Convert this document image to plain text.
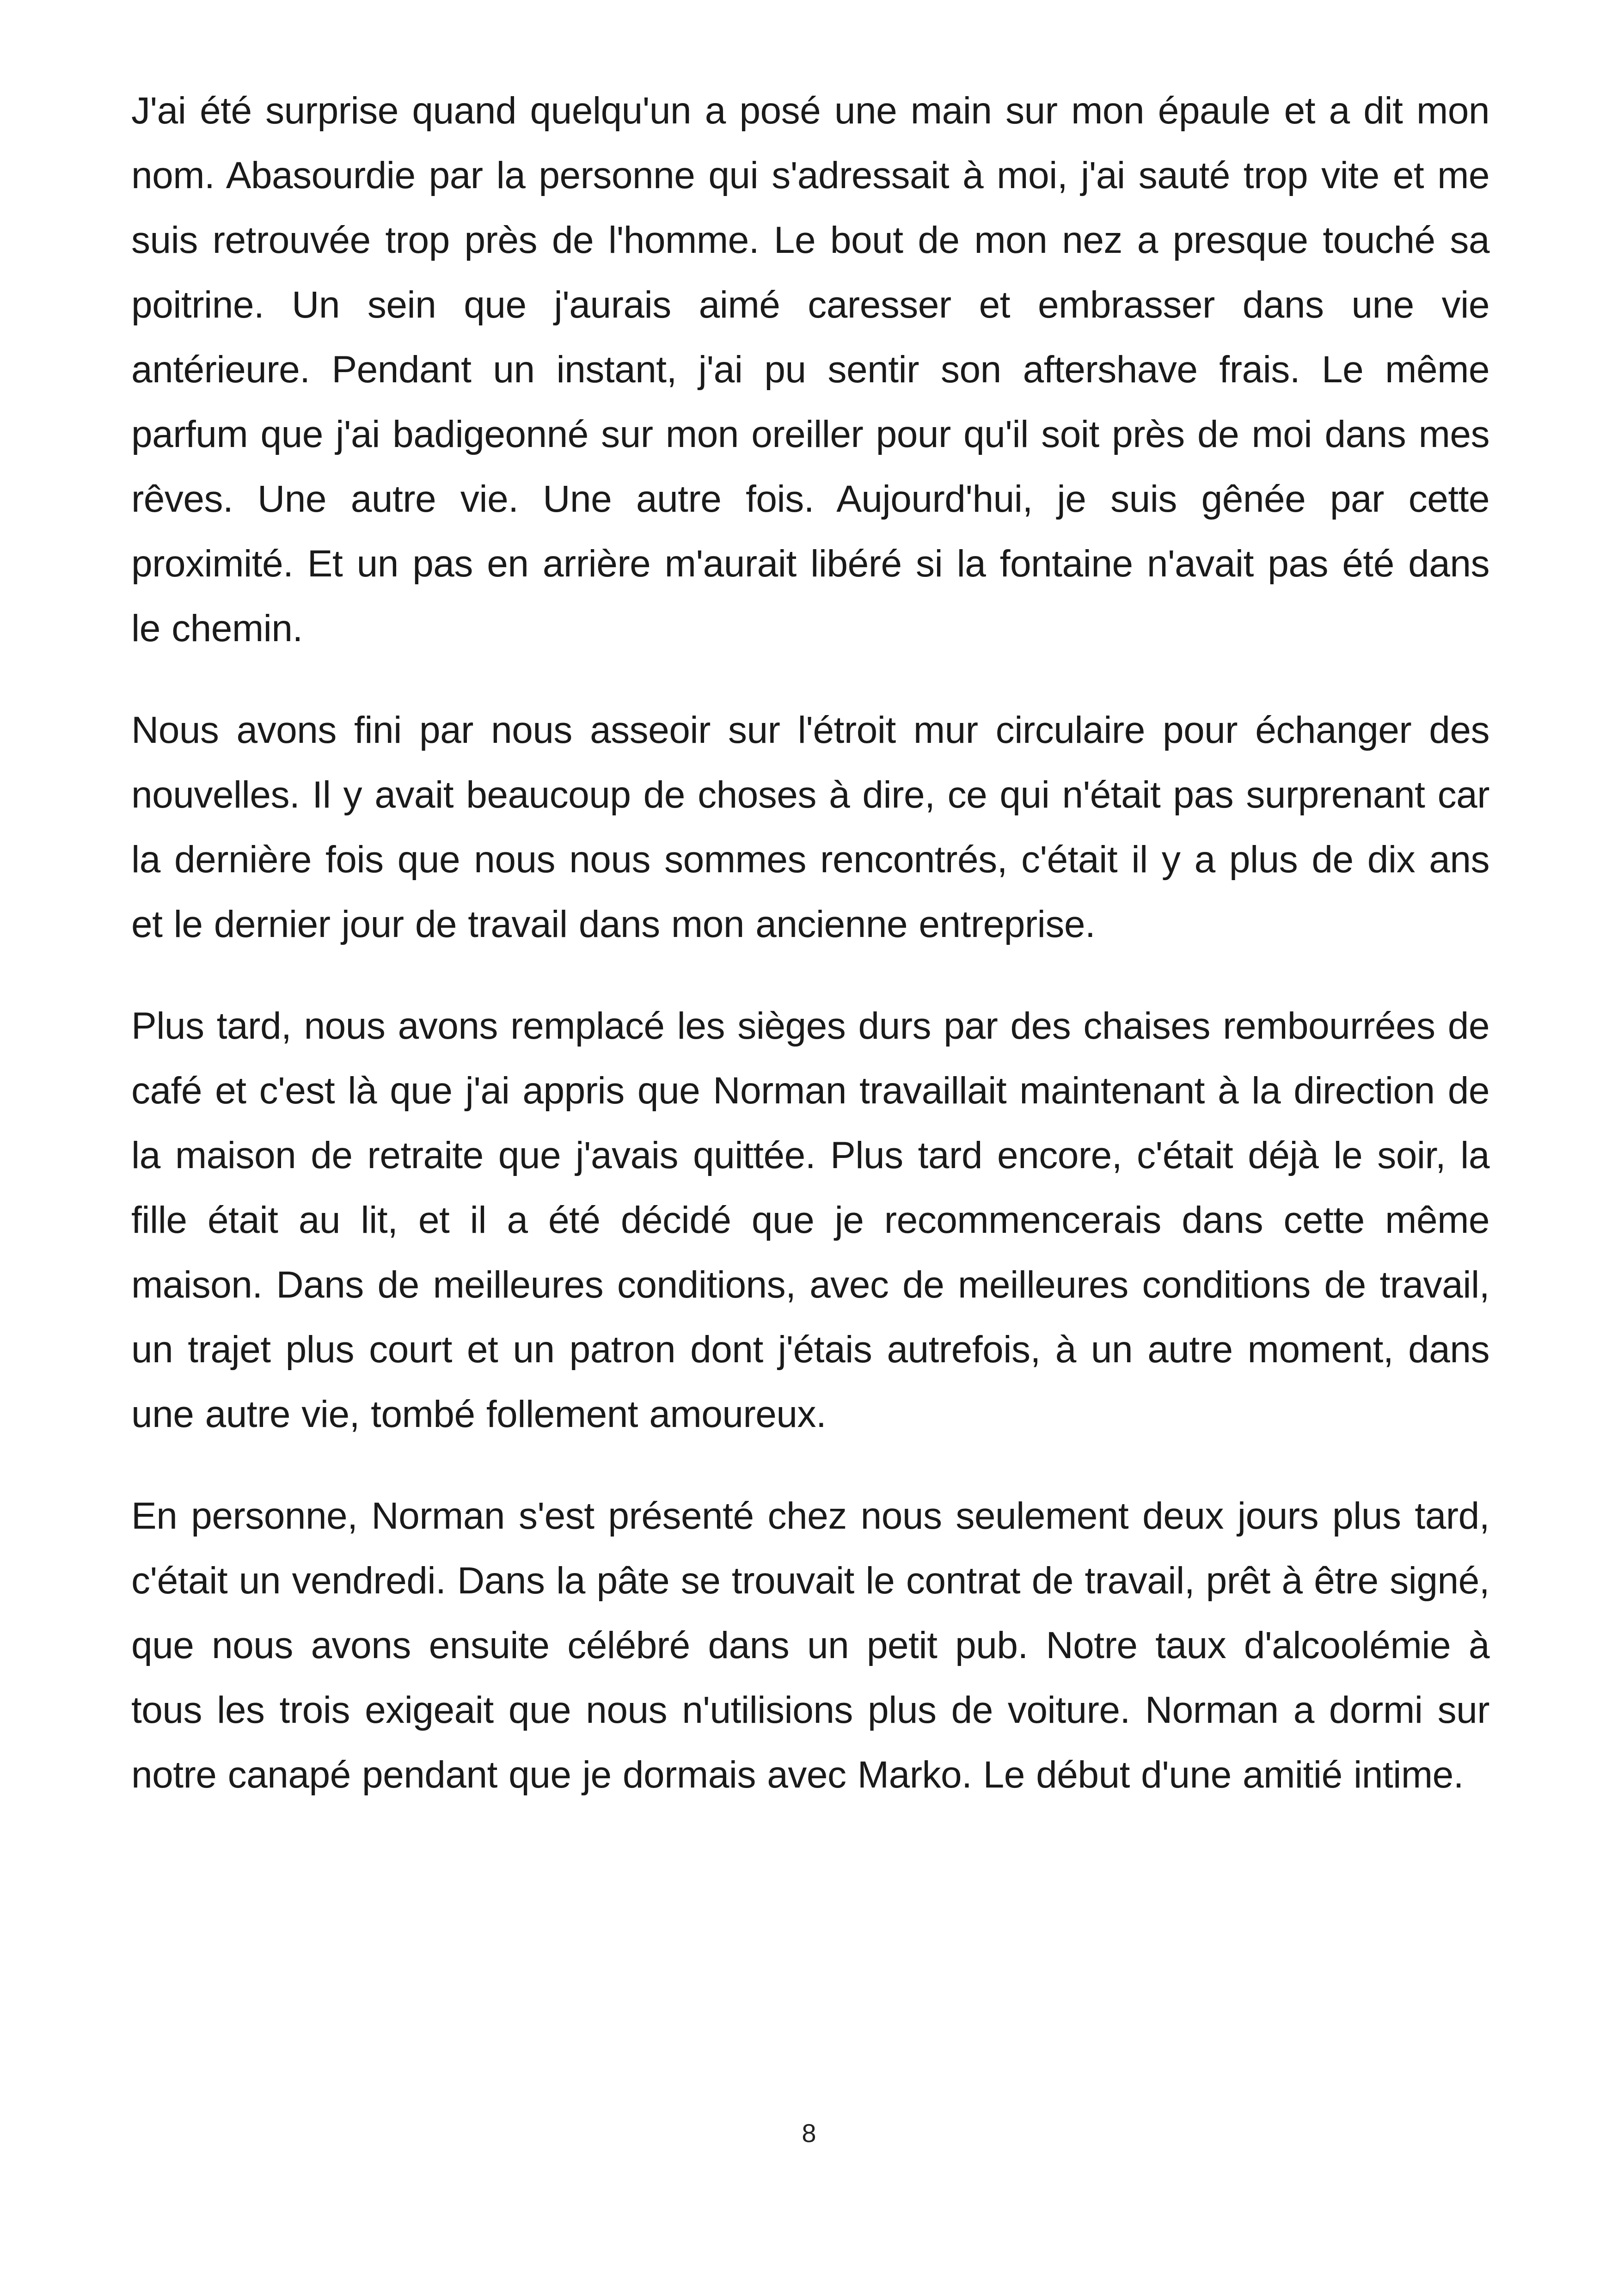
J'ai été surprise quand quelqu'un a posé une main sur mon épaule et a dit mon nom. Abasourdie par la personne qui s'adressait à moi, j'ai sauté trop vite et me suis retrouvée trop près de l'homme. Le bout de mon nez a presque touché sa poitrine. Un sein que j'aurais aimé caresser et embrasser dans une vie antérieure. Pendant un instant, j'ai pu sentir son aftershave frais. Le même parfum que j'ai badigeonné sur mon oreiller pour qu'il soit près de moi dans mes rêves. Une autre vie. Une autre fois. Aujourd'hui, je suis gênée par cette proximité. Et un pas en arrière m'aurait libéré si la fontaine n'avait pas été dans le chemin.

Nous avons fini par nous asseoir sur l'étroit mur circulaire pour échanger des nouvelles. Il y avait beaucoup de choses à dire, ce qui n'était pas surprenant car la dernière fois que nous nous sommes rencontrés, c'était il y a plus de dix ans et le dernier jour de travail dans mon ancienne entreprise.

Plus tard, nous avons remplacé les sièges durs par des chaises rembourrées de café et c'est là que j'ai appris que Norman travaillait maintenant à la direction de la maison de retraite que j'avais quittée. Plus tard encore, c'était déjà le soir, la fille était au lit, et il a été décidé que je recommencerais dans cette même maison. Dans de meilleures conditions, avec de meilleures conditions de travail, un trajet plus court et un patron dont j'étais autrefois, à un autre moment, dans une autre vie, tombé follement amoureux.

En personne, Norman s'est présenté chez nous seulement deux jours plus tard, c'était un vendredi. Dans la pâte se trouvait le contrat de travail, prêt à être signé, que nous avons ensuite célébré dans un petit pub. Notre taux d'alcoolémie à tous les trois exigeait que nous n'utilisions plus de voiture. Norman a dormi sur notre canapé pendant que je dormais avec Marko. Le début d'une amitié intime.

8
